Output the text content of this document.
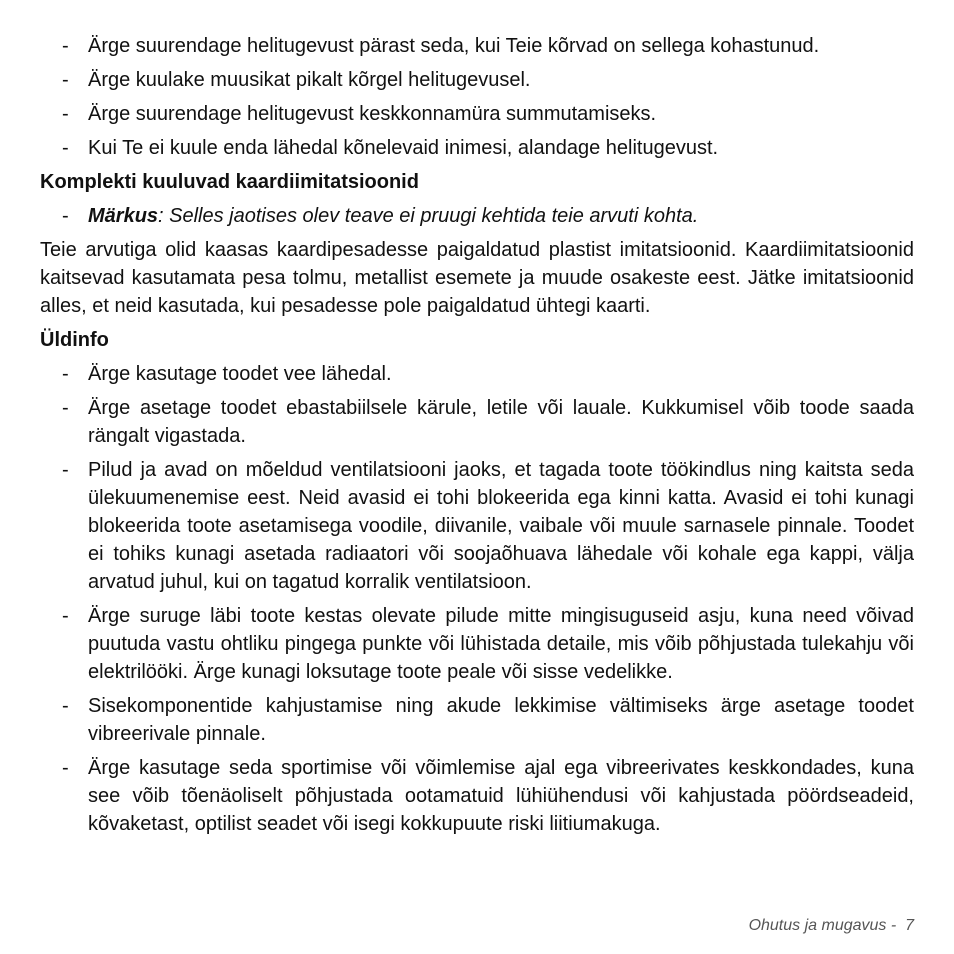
- Ärge suurendage helitugevust pärast seda, kui Teie kõrvad on sellega kohastunud.
- Ärge kuulake muusikat pikalt kõrgel helitugevusel.
- Ärge suurendage helitugevust keskkonnamüra summutamiseks.
- Kui Te ei kuule enda lähedal kõnelevaid inimesi, alandage helitugevust.
Komplekti kuuluvad kaardiimitatsioonid
- Märkus: Selles jaotises olev teave ei pruugi kehtida teie arvuti kohta.
Teie arvutiga olid kaasas kaardipesadesse paigaldatud plastist imitatsioonid. Kaardiimitatsioonid kaitsevad kasutamata pesa tolmu, metallist esemete ja muude osakeste eest. Jätke imitatsioonid alles, et neid kasutada, kui pesadesse pole paigaldatud ühtegi kaarti.
Üldinfo
- Ärge kasutage toodet vee lähedal.
- Ärge asetage toodet ebastabiilsele kärule, letile või lauale. Kukkumisel võib toode saada rängalt vigastada.
- Pilud ja avad on mõeldud ventilatsiooni jaoks, et tagada toote töökindlus ning kaitsta seda ülekuumenemise eest. Neid avasid ei tohi blokeerida ega kinni katta. Avasid ei tohi kunagi blokeerida toote asetamisega voodile, diivanile, vaibale või muule sarnasele pinnale. Toodet ei tohiks kunagi asetada radiaatori või soojaõhuava lähedale või kohale ega kappi, välja arvatud juhul, kui on tagatud korralik ventilatsioon.
- Ärge suruge läbi toote kestas olevate pilude mitte mingisuguseid asju, kuna need võivad puutuda vastu ohtliku pingega punkte või lühistada detaile, mis võib põhjustada tulekahju või elektrilööki. Ärge kunagi loksutage toote peale või sisse vedelikke.
- Sisekomponentide kahjustamise ning akude lekkimise vältimiseks ärge asetage toodet vibreerivale pinnale.
- Ärge kasutage seda sportimise või võimlemise ajal ega vibreerivates keskkondades, kuna see võib tõenäoliselt põhjustada ootamatuid lühiühendusi või kahjustada pöördseadeid, kõvaketast, optilist seadet või isegi kokkupuute riski liitiumakuga.
Ohutus ja mugavus -  7
